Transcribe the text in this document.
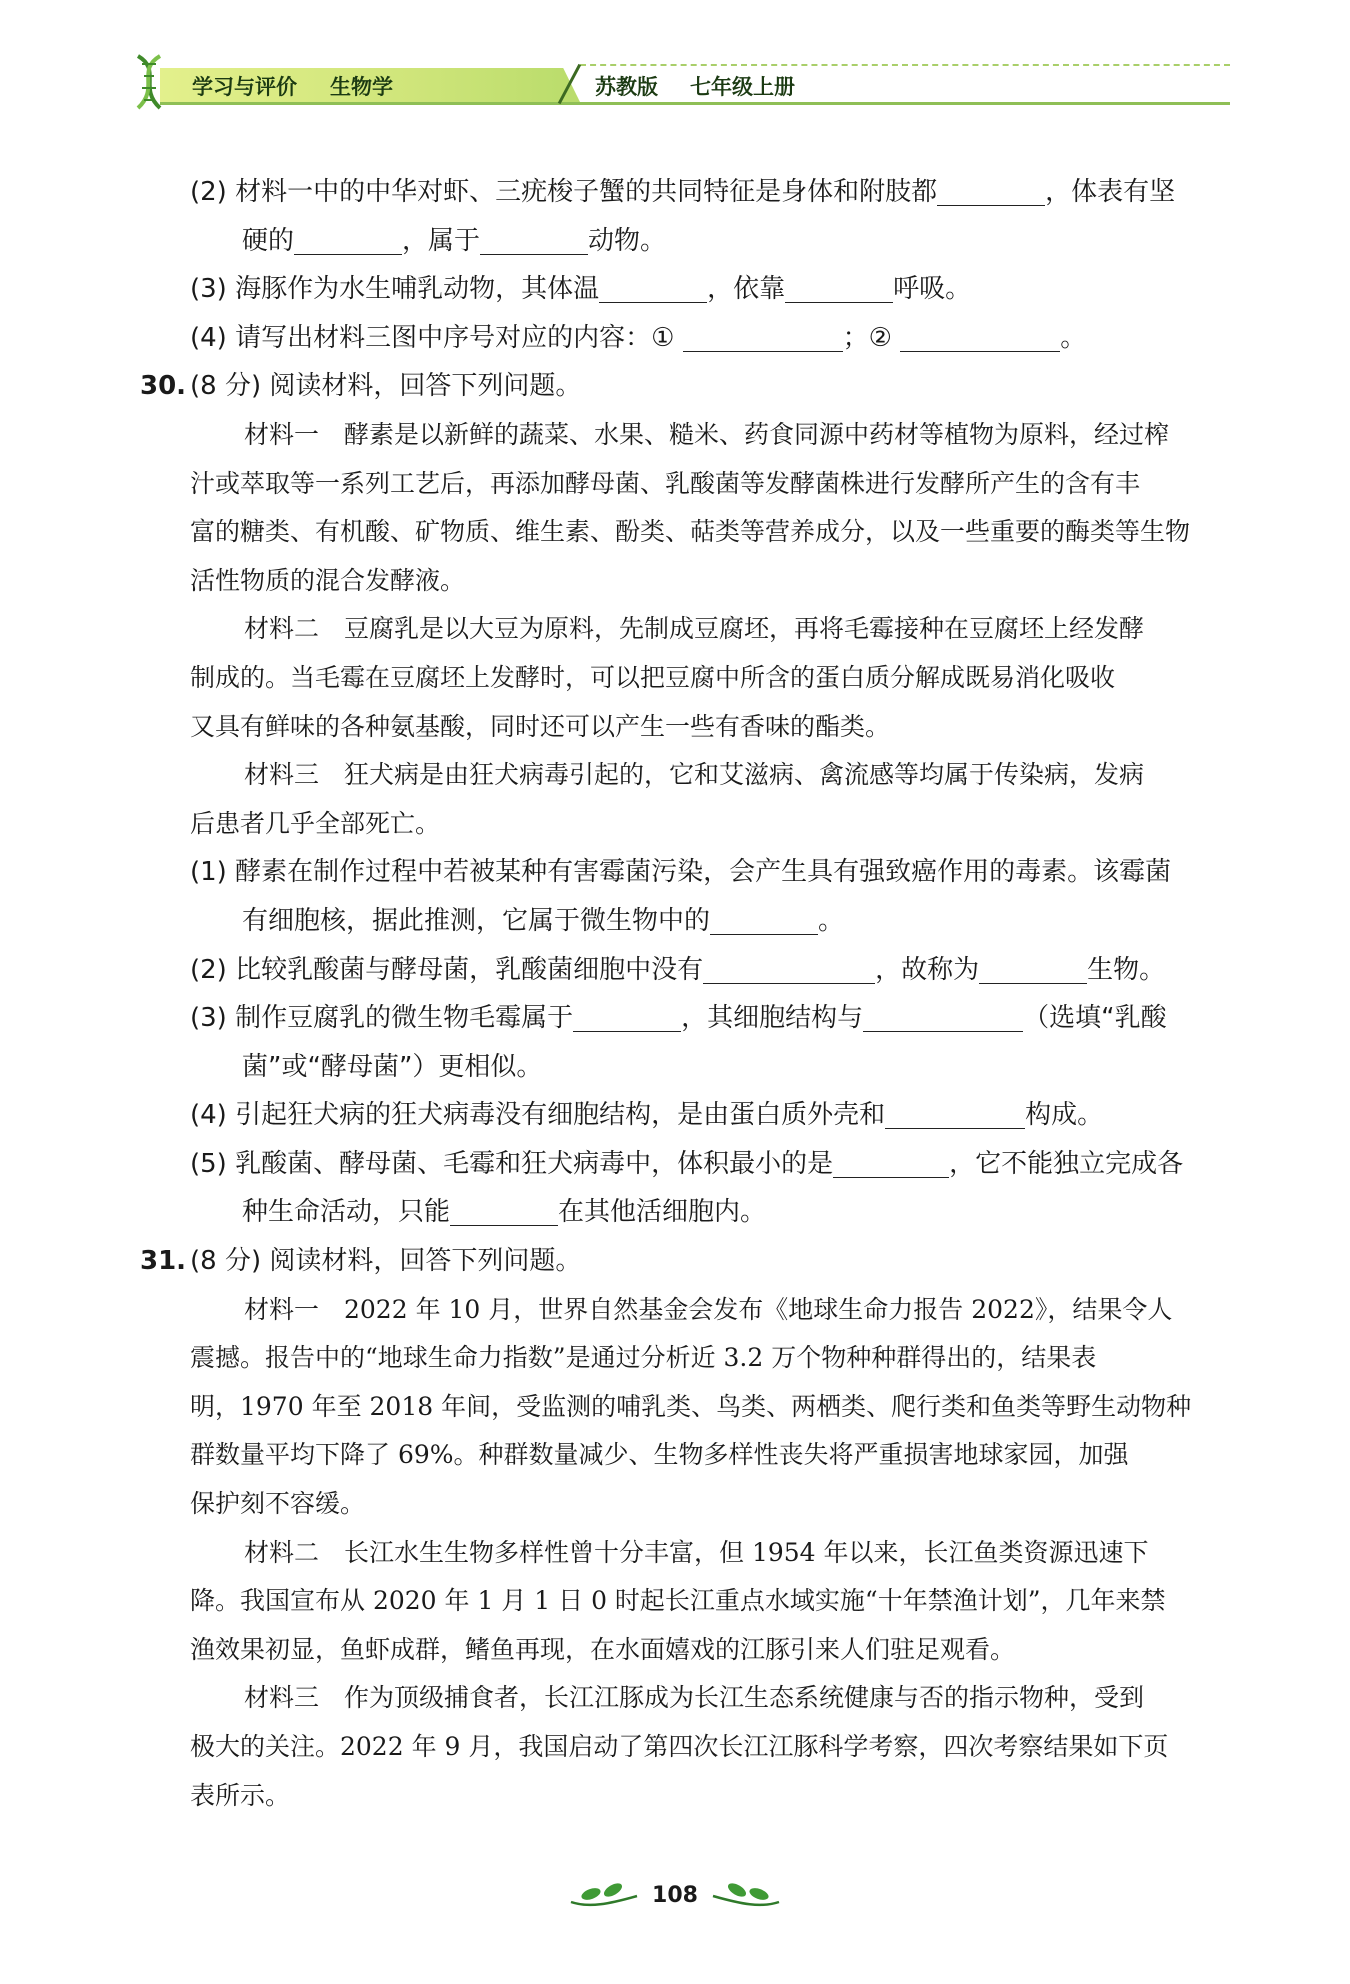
学习与评价 生物学	苏教版 七年级上册
(2) 材料一中的中华对虾、三疣梭子蟹的共同特征是身体和附肢都	，体表有坚
硬的	，属于	动物。
(3) 海豚作为水生哺乳动物，其体温	，依靠	呼吸。
(4) 请写出材料三图中序号对应的内容：①	；②	。
30. (8 分) 阅读材料，回答下列问题。
材料一　酵素是以新鲜的蔬菜、水果、糙米、药食同源中药材等植物为原料，经过榨
汁或萃取等一系列工艺后，再添加酵母菌、乳酸菌等发酵菌株进行发酵所产生的含有丰
富的糖类、有机酸、矿物质、维生素、酚类、萜类等营养成分，以及一些重要的酶类等生物
活性物质的混合发酵液。
材料二　豆腐乳是以大豆为原料，先制成豆腐坯，再将毛霉接种在豆腐坯上经发酵
制成的。当毛霉在豆腐坯上发酵时，可以把豆腐中所含的蛋白质分解成既易消化吸收
又具有鲜味的各种氨基酸，同时还可以产生一些有香味的酯类。
材料三　狂犬病是由狂犬病毒引起的，它和艾滋病、禽流感等均属于传染病，发病
后患者几乎全部死亡。
(1) 酵素在制作过程中若被某种有害霉菌污染，会产生具有强致癌作用的毒素。该霉菌
有细胞核，据此推测，它属于微生物中的	。
(2) 比较乳酸菌与酵母菌，乳酸菌细胞中没有	，故称为	生物。
(3) 制作豆腐乳的微生物毛霉属于	，其细胞结构与	（选填“乳酸
菌”或“酵母菌”）更相似。
(4) 引起狂犬病的狂犬病毒没有细胞结构，是由蛋白质外壳和	构成。
(5) 乳酸菌、酵母菌、毛霉和狂犬病毒中，体积最小的是	，它不能独立完成各
种生命活动，只能	在其他活细胞内。
31. (8 分) 阅读材料，回答下列问题。
材料一　2022 年 10 月，世界自然基金会发布《地球生命力报告 2022》，结果令人
震撼。报告中的“地球生命力指数”是通过分析近 3.2 万个物种种群得出的，结果表
明，1970 年至 2018 年间，受监测的哺乳类、鸟类、两栖类、爬行类和鱼类等野生动物种
群数量平均下降了 69%。种群数量减少、生物多样性丧失将严重损害地球家园，加强
保护刻不容缓。
材料二　长江水生生物多样性曾十分丰富，但 1954 年以来，长江鱼类资源迅速下
降。我国宣布从 2020 年 1 月 1 日 0 时起长江重点水域实施“十年禁渔计划”，几年来禁
渔效果初显，鱼虾成群，鳍鱼再现，在水面嬉戏的江豚引来人们驻足观看。
材料三　作为顶级捕食者，长江江豚成为长江生态系统健康与否的指示物种，受到
极大的关注。2022 年 9 月，我国启动了第四次长江江豚科学考察，四次考察结果如下页
表所示。
108
